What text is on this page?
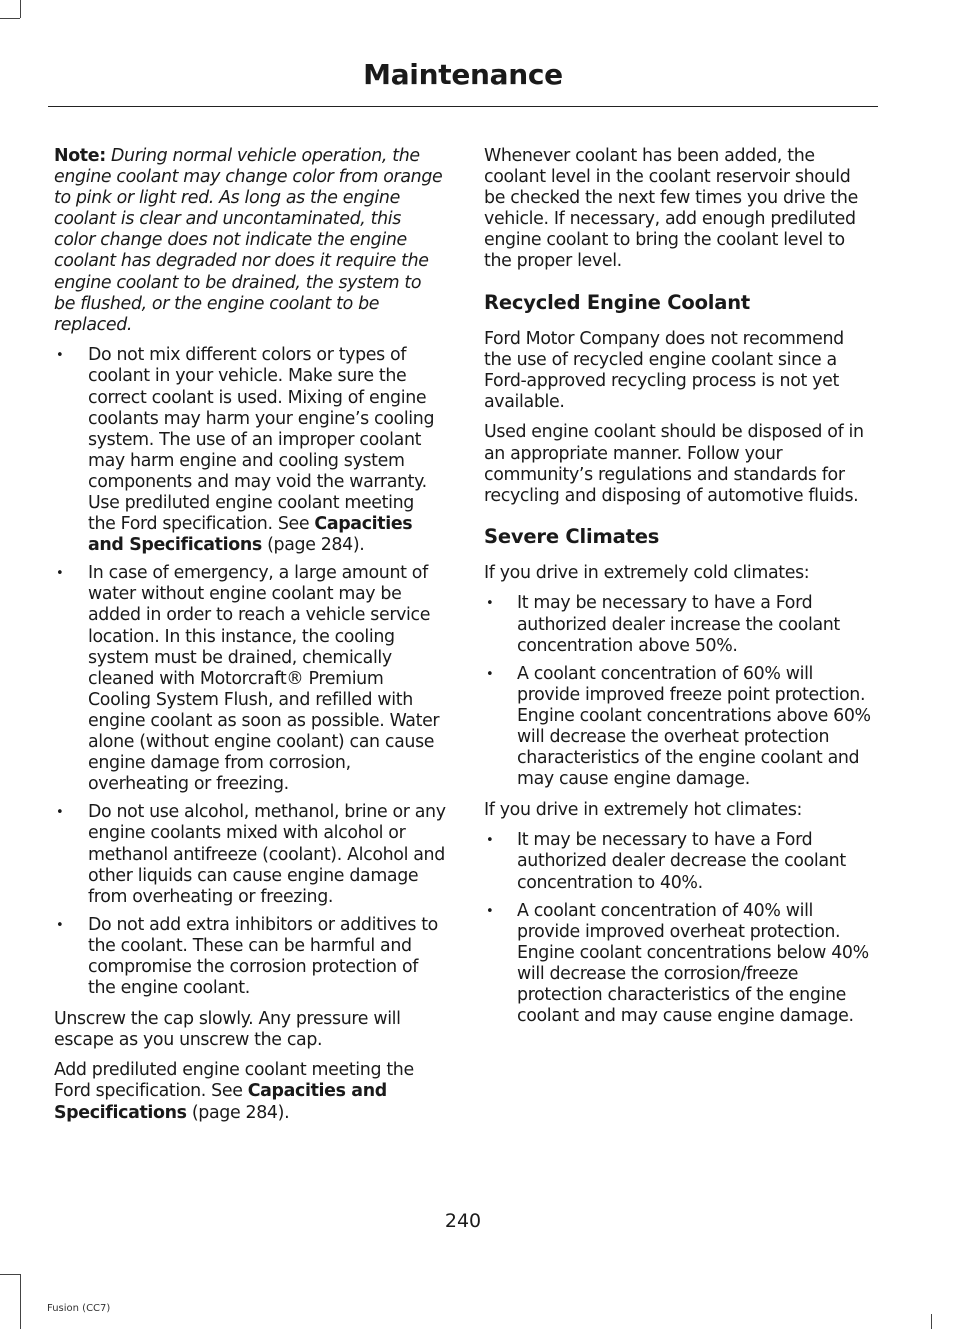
Maintenance

Note: During normal vehicle operation, the engine coolant may change color from orange to pink or light red. As long as the engine coolant is clear and uncontaminated, this color change does not indicate the engine coolant has degraded nor does it require the engine coolant to be drained, the system to be flushed, or the engine coolant to be replaced.

• Do not mix different colors or types of coolant in your vehicle. Make sure the correct coolant is used. Mixing of engine coolants may harm your engine’s cooling system. The use of an improper coolant may harm engine and cooling system components and may void the warranty. Use prediluted engine coolant meeting the Ford specification. See Capacities and Specifications (page 284).
• In case of emergency, a large amount of water without engine coolant may be added in order to reach a vehicle service location. In this instance, the cooling system must be drained, chemically cleaned with Motorcraft® Premium Cooling System Flush, and refilled with engine coolant as soon as possible. Water alone (without engine coolant) can cause engine damage from corrosion, overheating or freezing.
• Do not use alcohol, methanol, brine or any engine coolants mixed with alcohol or methanol antifreeze (coolant). Alcohol and other liquids can cause engine damage from overheating or freezing.
• Do not add extra inhibitors or additives to the coolant. These can be harmful and compromise the corrosion protection of the engine coolant.

Unscrew the cap slowly. Any pressure will escape as you unscrew the cap.

Add prediluted engine coolant meeting the Ford specification. See Capacities and Specifications (page 284).

Whenever coolant has been added, the coolant level in the coolant reservoir should be checked the next few times you drive the vehicle. If necessary, add enough prediluted engine coolant to bring the coolant level to the proper level.

Recycled Engine Coolant

Ford Motor Company does not recommend the use of recycled engine coolant since a Ford-approved recycling process is not yet available.

Used engine coolant should be disposed of in an appropriate manner. Follow your community’s regulations and standards for recycling and disposing of automotive fluids.

Severe Climates

If you drive in extremely cold climates:

• It may be necessary to have a Ford authorized dealer increase the coolant concentration above 50%.
• A coolant concentration of 60% will provide improved freeze point protection. Engine coolant concentrations above 60% will decrease the overheat protection characteristics of the engine coolant and may cause engine damage.

If you drive in extremely hot climates:

• It may be necessary to have a Ford authorized dealer decrease the coolant concentration to 40%.
• A coolant concentration of 40% will provide improved overheat protection. Engine coolant concentrations below 40% will decrease the corrosion/freeze protection characteristics of the engine coolant and may cause engine damage.
240
Fusion (CC7)
